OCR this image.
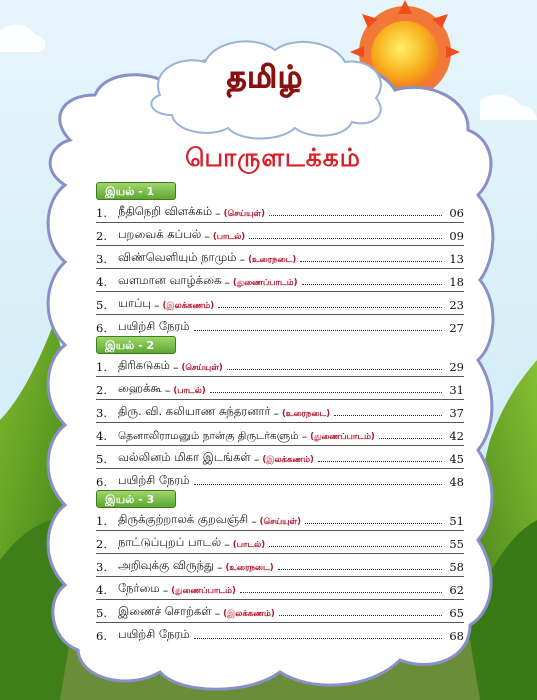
தமிழ்
பொருளடக்கம்
இயல் - 1
1. நீதிநெறி விளக்கம் – (செய்யுள்)	06
2. பறவைக் கப்பல் – (பாடல்)	09
3. விண்வெளியும் நாமும் – (உரைநடை)	13
4. வளமான வாழ்க்கை – (துணைப்பாடம்)	18
5. யாப்பு – (இலக்கணம்)	23
6. பயிற்சி நேரம்	27
இயல் - 2
1. திரிகடுகம் – (செய்யுள்)	29
2. ஹைக்கூ – (பாடல்)	31
3. திரு. வி. கலியாண சுந்தரனார் – (உரைநடை)	37
4.	தெனாலிராமனும் நான்கு திருடர்களும் – (துணைப்பாடம்)	42
5. வல்லினம் மிகா இடங்கள் – (இலக்கணம்)	45
6. பயிற்சி நேரம்	48
இயல் - 3
1. திருக்குற்றாலக் குறவஞ்சி – (செய்யுள்)	51
2. நாட்டுப்புறப் பாடல் – (பாடல்)	55
3. அறிவுக்கு விருந்து – (உரைநடை)	58
4. நேர்மை – (துணைப்பாடம்)	62
5. இணைச் சொற்கள் – (இலக்கணம்)	65
6. பயிற்சி நேரம்	68
